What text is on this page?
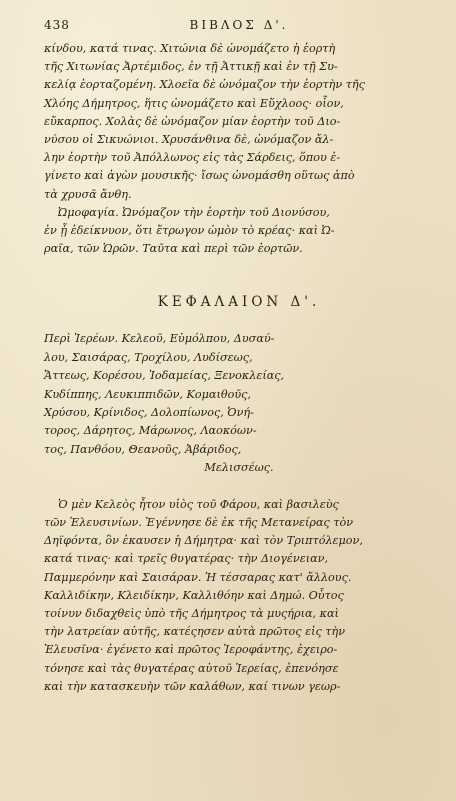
438	ΒΙΒΛΟΣ Δ'.

κίνδου, κατά τινας. Χιτώνια δὲ ὠνομάζετο ἡ ἑορτὴ

τῆς Χιτωνίας Ἀρτέμιδος, ἐν τῇ Ἀττικῇ καὶ ἐν τῇ Συ-

κελίᾳ ἑορταζομένη. Χλοεῖα δὲ ὠνόμαζον τὴν ἑορτὴν τῆς

Χλόης Δήμητρος, ἥτις ὠνομάζετο καὶ Εὔχλοος· οἷον,

εὔκαρπος. Χολὰς δὲ ὠνόμαζον μίαν ἑορτὴν τοῦ Διο-

νύσου οἱ Σικυώνιοι. Χρυσάνθινα δὲ, ὠνόμαζον ἄλ-

λην ἑορτὴν τοῦ Ἀπόλλωνος εἰς τὰς Σάρδεις, ὅπου ἐ-

γίνετο καὶ ἀγὼν μουσικῆς· ἴσως ὠνομάσθη οὕτως ἀπὸ

τὰ χρυσᾶ ἄνθη.

Ὠμοφαγία. Ὠνόμαζον τὴν ἑορτὴν τοῦ Διονύσου,

ἐν ᾗ ἐδείκνυον, ὅτι ἔτρωγον ὠμὸν τὸ κρέας· καὶ Ὠ-

ραῖα, τῶν Ὡρῶν. Ταῦτα καὶ περὶ τῶν ἑορτῶν.

ΚΕΦΑΛΑΙΟΝ Δ'.

Περὶ Ἱερέων. Κελεοῦ, Εὐμόλπου, Δυσαύ-

λου, Σαισάρας, Τροχίλου, Λυδίσεως,

Ἄττεως, Κορέσου, Ἰοδαμείας, Ξενοκλείας,

Κυδίππης, Λευκιππιδῶν, Κομαιθοῦς,

Χρύσου, Κρίνιδος, Δολοπίωνος, Ὀνή-

τορος, Δάρητος, Μάρωνος, Λαοκόων-

τος, Πανθόου, Θεανοῦς, Ἀβάριδος,

Μελισσέως.

Ὁ μὲν Κελεὸς ἦτον υἱὸς τοῦ Φάρου, καὶ βασιλεὺς

τῶν Ἐλευσινίων. Ἐγέννησε δὲ ἐκ τῆς Μετανείρας τὸν

Δηϊφόντα, ὃν ἐκαυσεν ἡ Δήμητρα· καὶ τὸν Τριπτόλεμον,

κατά τινας· καὶ τρεῖς θυγατέρας· τὴν Διογένειαν,

Παμμερόνην καὶ Σαισάραν. Ἡ τέσσαρας κατ' ἄλλους.

Καλλιδίκην, Κλειδίκην, Καλλιθόην καὶ Δημώ. Οὗτος

τοίνυν διδαχθεὶς ὑπὸ τῆς Δήμητρος τὰ μυςήρια, καὶ

τὴν λατρείαν αὐτῆς, κατέςησεν αὐτὰ πρῶτος εἰς τὴν

Ἐλευσῖνα· ἐγένετο καὶ πρῶτος Ἱεροφάντης, ἐχειρο-

τόνησε καὶ τὰς θυγατέρας αὐτοῦ Ἱερείας, ἐπενόησε

καὶ τὴν κατασκευὴν τῶν καλάθων, καί τινων γεωρ-
